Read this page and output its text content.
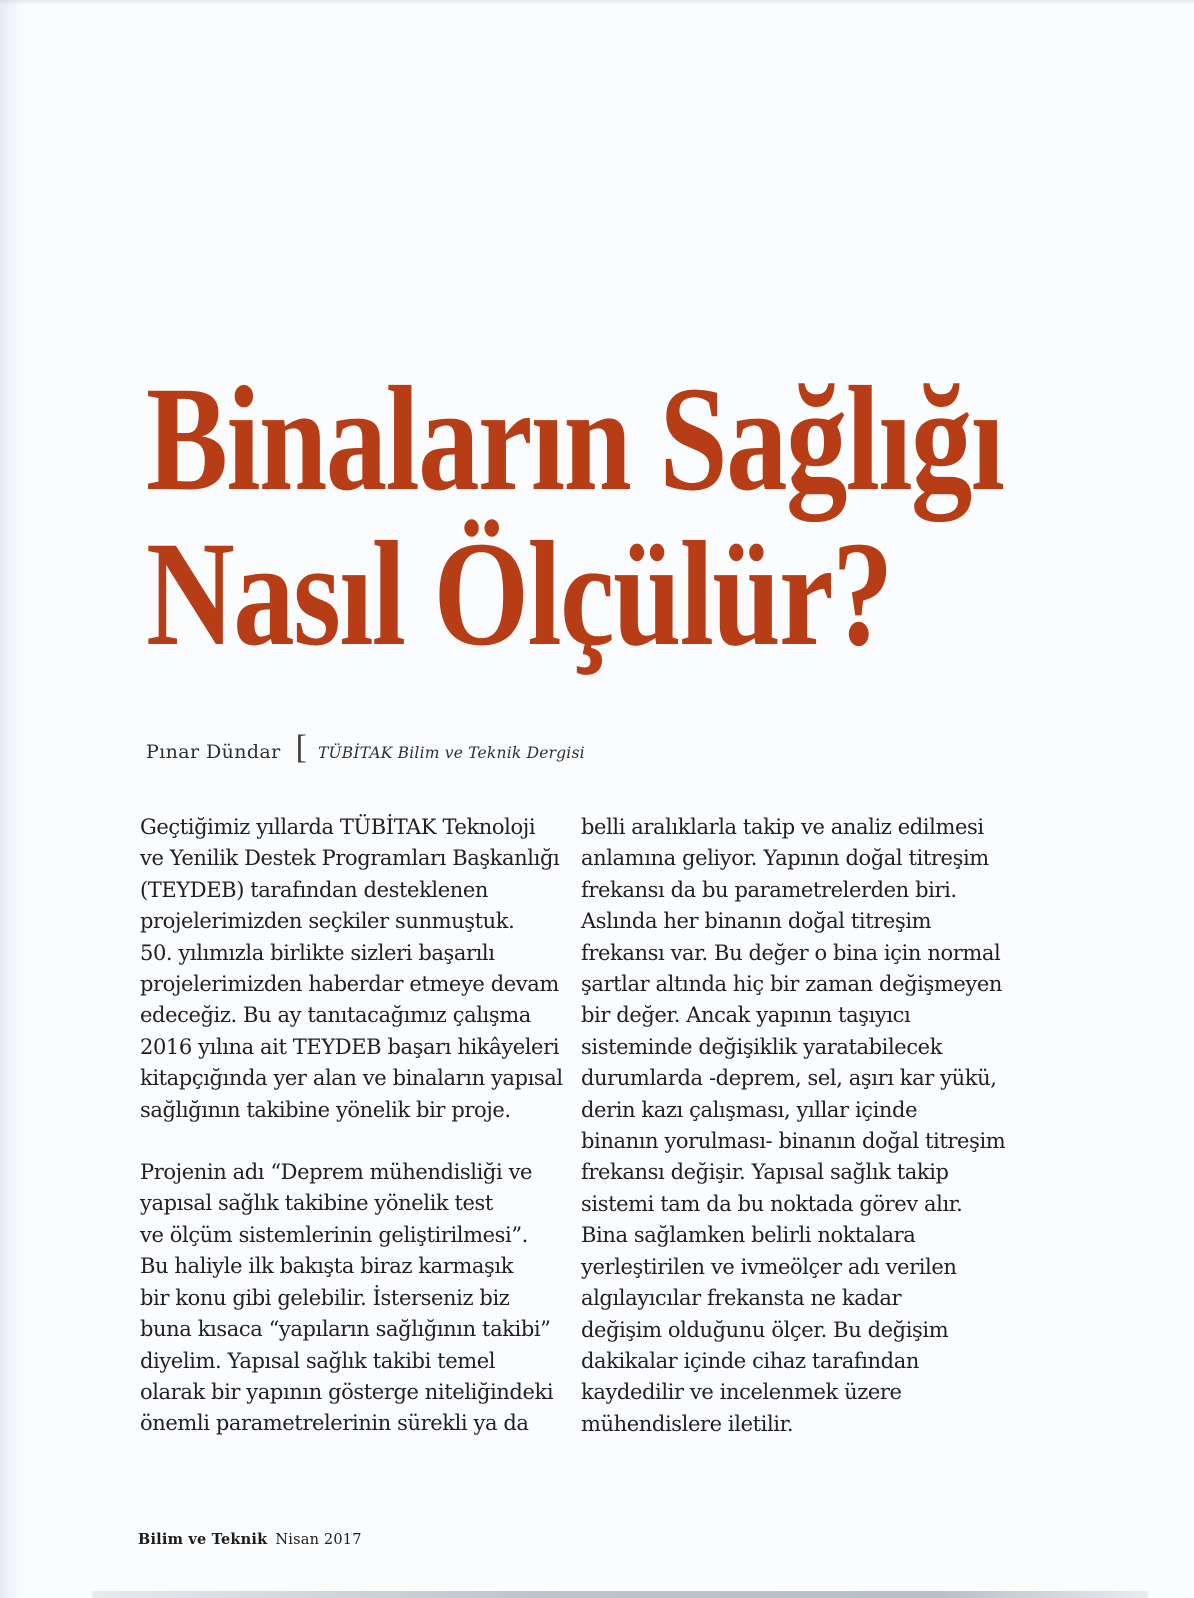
Binaların Sağlığı
Nasıl Ölçülür?
Pınar Dündar [ TÜBİTAK Bilim ve Teknik Dergisi
Geçtiğimiz yıllarda TÜBİTAK Teknoloji
ve Yenilik Destek Programları Başkanlığı
(TEYDEB) tarafından desteklenen
projelerimizden seçkiler sunmuştuk.
50. yılımızla birlikte sizleri başarılı
projelerimizden haberdar etmeye devam
edeceğiz. Bu ay tanıtacağımız çalışma
2016 yılına ait TEYDEB başarı hikâyeleri
kitapçığında yer alan ve binaların yapısal
sağlığının takibine yönelik bir proje.
Projenin adı “Deprem mühendisliği ve
yapısal sağlık takibine yönelik test
ve ölçüm sistemlerinin geliştirilmesi”.
Bu haliyle ilk bakışta biraz karmaşık
bir konu gibi gelebilir. İsterseniz biz
buna kısaca “yapıların sağlığının takibi”
diyelim. Yapısal sağlık takibi temel
olarak bir yapının gösterge niteliğindeki
önemli parametrelerinin sürekli ya da
belli aralıklarla takip ve analiz edilmesi
anlamına geliyor. Yapının doğal titreşim
frekansı da bu parametrelerden biri.
Aslında her binanın doğal titreşim
frekansı var. Bu değer o bina için normal
şartlar altında hiç bir zaman değişmeyen
bir değer. Ancak yapının taşıyıcı
sisteminde değişiklik yaratabilecek
durumlarda -deprem, sel, aşırı kar yükü,
derin kazı çalışması, yıllar içinde
binanın yorulması- binanın doğal titreşim
frekansı değişir. Yapısal sağlık takip
sistemi tam da bu noktada görev alır.
Bina sağlamken belirli noktalara
yerleştirilen ve ivmeölçer adı verilen
algılayıcılar frekansta ne kadar
değişim olduğunu ölçer. Bu değişim
dakikalar içinde cihaz tarafından
kaydedilir ve incelenmek üzere
mühendislere iletilir.
Bilim ve Teknik Nisan 2017
